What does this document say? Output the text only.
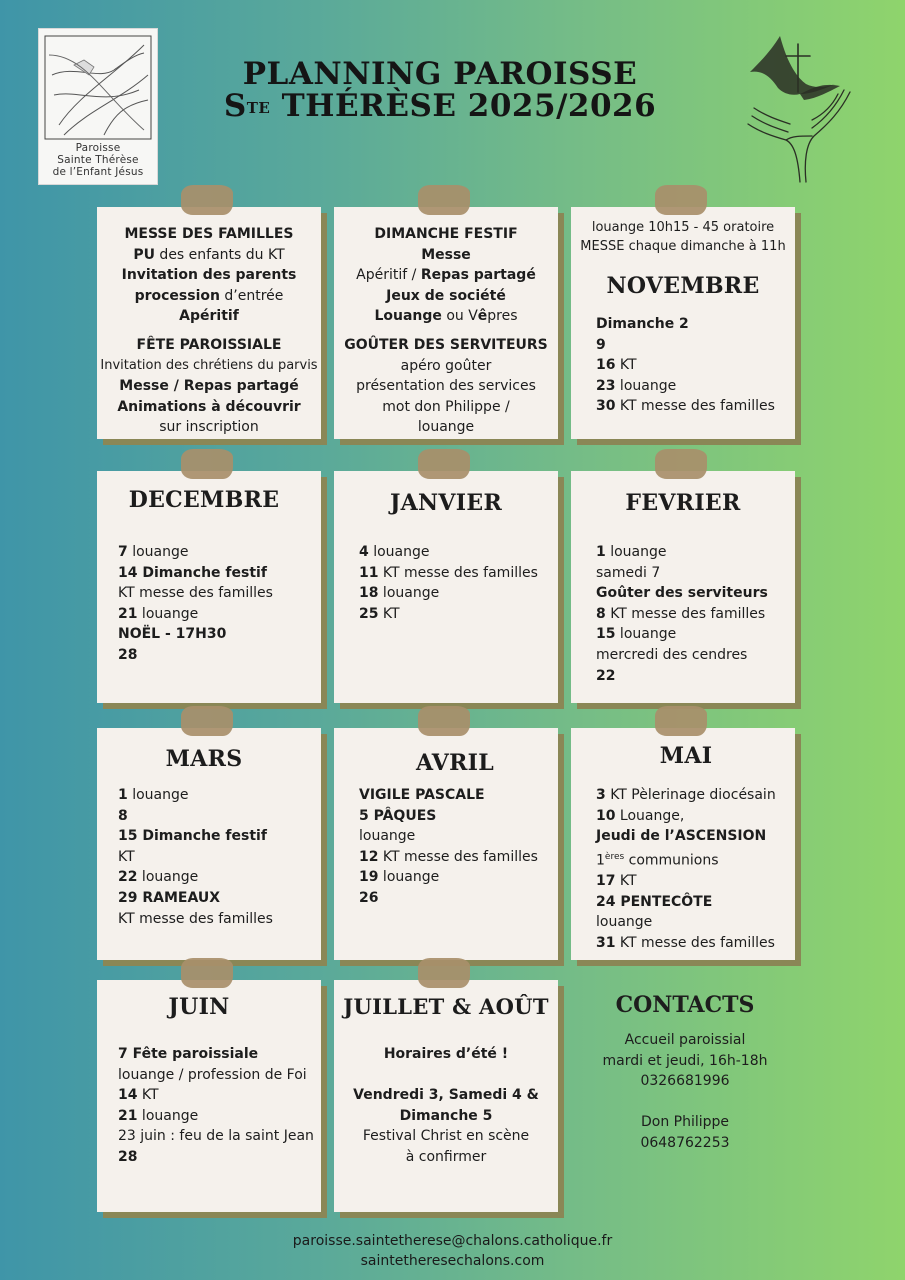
Paroisse
Sainte Thérèse
de l’Enfant Jésus
PLANNING PAROISSE
$S^{TE}$ THÉRÈSE 2025/2026
MESSE DES FAMILLES
PU des enfants du KT
Invitation des parents
procession d’entrée
Apéritif
FÊTE PAROISSIALE
Invitation des chrétiens du parvis
Messe / Repas partagé
Animations à découvrir
sur inscription
DIMANCHE FESTIF
Messe
Apéritif / Repas partagé
Jeux de société
Louange ou Vêpres
GOÛTER DES SERVITEURS
apéro goûter
présentation des services
mot don Philippe /
louange
louange 10h15 - 45 oratoire
MESSE chaque dimanche à 11h
NOVEMBRE
Dimanche 2
9
16 KT
23 louange
30 KT messe des familles
DECEMBRE
7 louange
14 Dimanche festif
KT messe des familles
21 louange
NOËL - 17H30
28
JANVIER
4 louange
11 KT messe des familles
18 louange
25 KT
FEVRIER
1 louange
samedi 7
Goûter des serviteurs
8 KT messe des familles
15 louange
mercredi des cendres
22
MARS
1 louange
8
15 Dimanche festif
KT
22 louange
29 RAMEAUX
KT messe des familles
AVRIL
VIGILE PASCALE
5 PÂQUES
louange
12 KT messe des familles
19 louange
26
MAI
3 KT Pèlerinage diocésain
10 Louange,
Jeudi de l’ASCENSION
1ères communions
17 KT
24 PENTECÔTE
louange
31 KT messe des familles
JUIN
7 Fête paroissiale
louange / profession de Foi
14 KT
21 louange
23 juin : feu de la saint Jean
28
JUILLET & AOÛT
Horaires d’été !

Vendredi 3, Samedi 4 &
Dimanche 5
Festival Christ en scène
à confirmer
CONTACTS
Accueil paroissial
mardi et jeudi, 16h-18h
0326681996

Don Philippe
0648762253
paroisse.saintetherese@chalons.catholique.fr
saintetheresechalons.com
